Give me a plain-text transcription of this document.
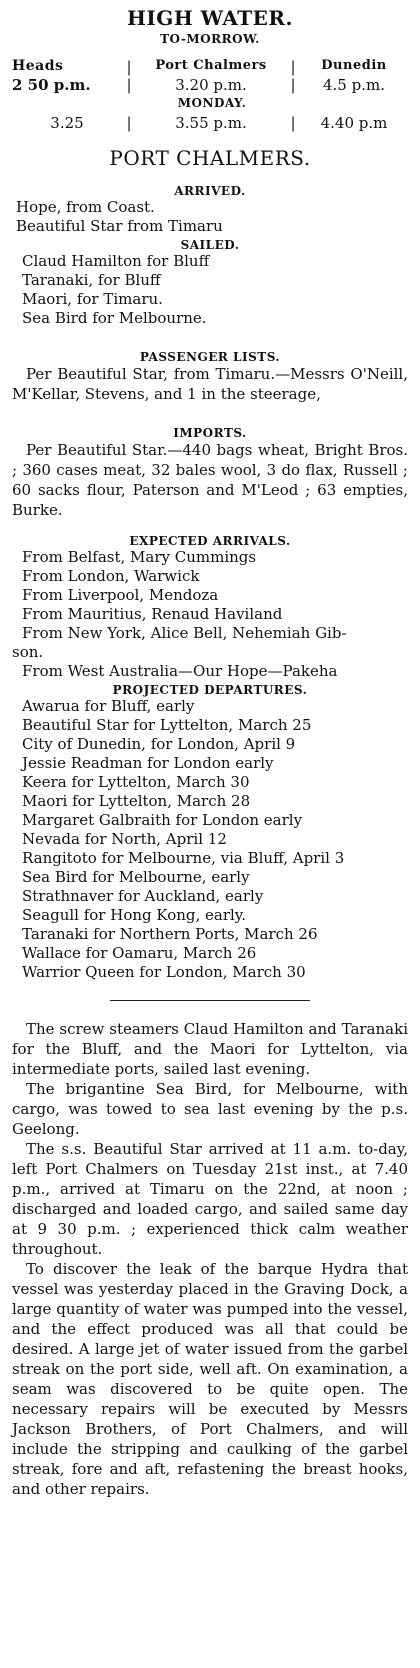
HIGH WATER.
TO-MORROW.
Heads	|	Port Chalmers	|	Dunedin
2 50 p.m.	|	3.20 p.m.	|	4.5 p.m.
MONDAY.
3.25	|	3.55 p.m.	|	4.40 p.m
PORT CHALMERS.
ARRIVED.
Hope, from Coast.
Beautiful Star from Timaru
SAILED.
Claud Hamilton for Bluff
Taranaki, for Bluff
Maori, for Timaru.
Sea Bird for Melbourne.
PASSENGER LISTS.

Per Beautiful Star, from Timaru.—Messrs O'Neill, M'Kellar, Stevens, and 1 in the steerage,

IMPORTS.

Per Beautiful Star.—440 bags wheat, Bright Bros. ; 360 cases meat, 32 bales wool, 3 do flax, Russell ; 60 sacks flour, Paterson and M'Leod ; 63 empties, Burke.

EXPECTED ARRIVALS.
From Belfast, Mary Cummings
From London, Warwick
From Liverpool, Mendoza
From Mauritius, Renaud Haviland
From New York, Alice Bell, Nehemiah Gib-
son.
From West Australia—Our Hope—Pakeha
PROJECTED DEPARTURES.
Awarua for Bluff, early
Beautiful Star for Lyttelton, March 25
City of Dunedin, for London, April 9
Jessie Readman for London early
Keera for Lyttelton, March 30
Maori for Lyttelton, March 28
Margaret Galbraith for London early
Nevada for North, April 12
Rangitoto for Melbourne, via Bluff, April 3
Sea Bird for Melbourne, early
Strathnaver for Auckland, early
Seagull for Hong Kong, early.
Taranaki for Northern Ports, March 26
Wallace for Oamaru, March 26
Warrior Queen for London, March 30

The screw steamers Claud Hamilton and Taranaki for the Bluff, and the Maori for Lyttelton, via intermediate ports, sailed last evening.

The brigantine Sea Bird, for Melbourne, with cargo, was towed to sea last evening by the p.s. Geelong.

The s.s. Beautiful Star arrived at 11 a.m. to-day, left Port Chalmers on Tuesday 21st inst., at 7.40 p.m., arrived at Timaru on the 22nd, at noon ; discharged and loaded cargo, and sailed same day at 9 30 p.m. ; experienced thick calm weather throughout.

To discover the leak of the barque Hydra that vessel was yesterday placed in the Graving Dock, a large quantity of water was pumped into the vessel, and the effect produced was all that could be desired. A large jet of water issued from the garbel streak on the port side, well aft. On examination, a seam was discovered to be quite open. The necessary repairs will be executed by Messrs Jackson Brothers, of Port Chalmers, and will include the stripping and caulking of the garbel streak, fore and aft, refastening the breast hooks, and other repairs.
